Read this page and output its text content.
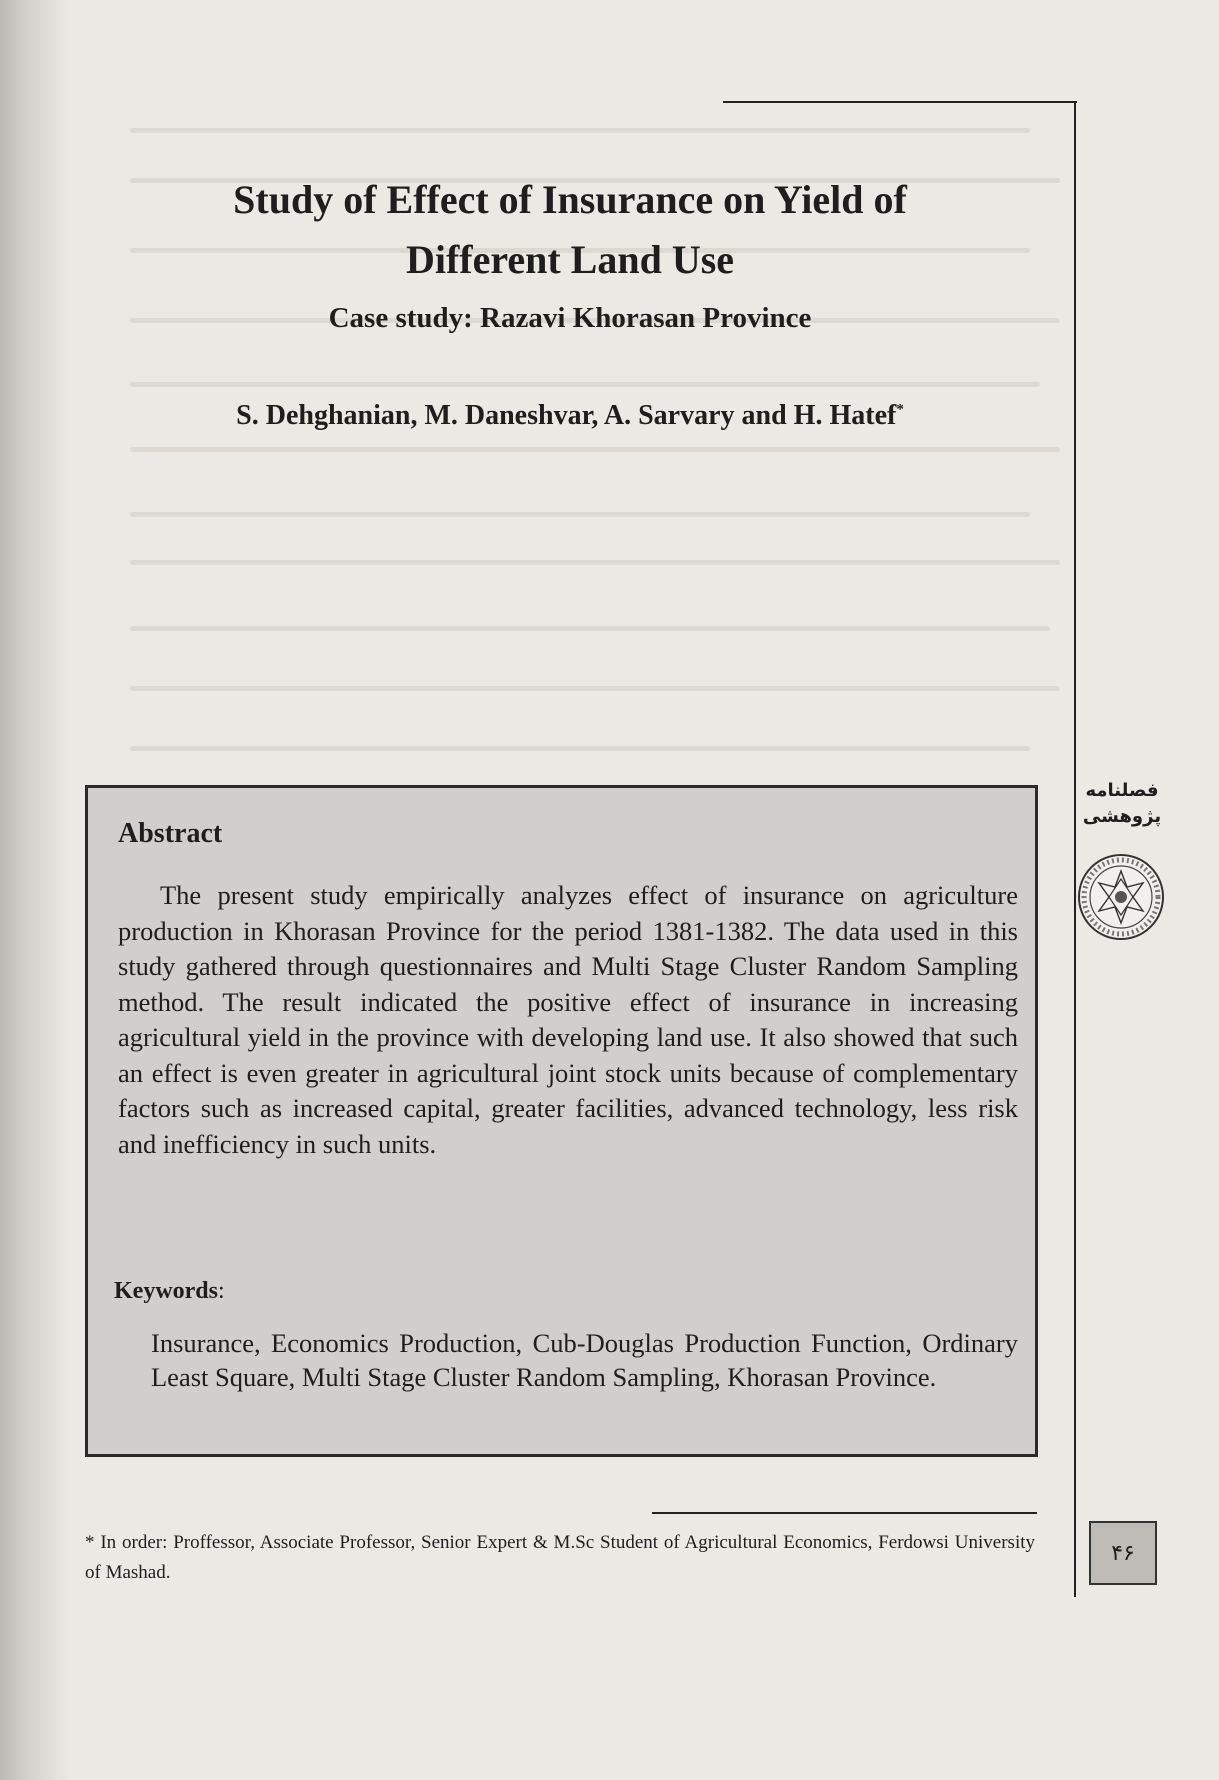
Study of Effect of Insurance on Yield of
Different Land Use
Case study: Razavi Khorasan Province

S. Dehghanian, M. Daneshvar, A. Sarvary and H. Hatef*

Abstract

The present study empirically analyzes effect of insurance on agriculture production in Khorasan Province for the period 1381-1382. The data used in this study gathered through questionnaires and Multi Stage Cluster Random Sampling method. The result indicated the positive effect of insurance in increasing agricultural yield in the province with developing land use. It also showed that such an effect is even greater in agricultural joint stock units because of complementary factors such as increased capital, greater facilities, advanced technology, less risk and inefficiency in such units.

Keywords:

Insurance, Economics Production, Cub-Douglas Production Function, Ordinary Least Square, Multi Stage Cluster Random Sampling, Khorasan Province.

* In order: Proffessor, Associate Professor, Senior Expert & M.Sc Student of Agricultural Economics, Ferdowsi University of Mashad.

فصلنامه
پژوهشی

۴۶
